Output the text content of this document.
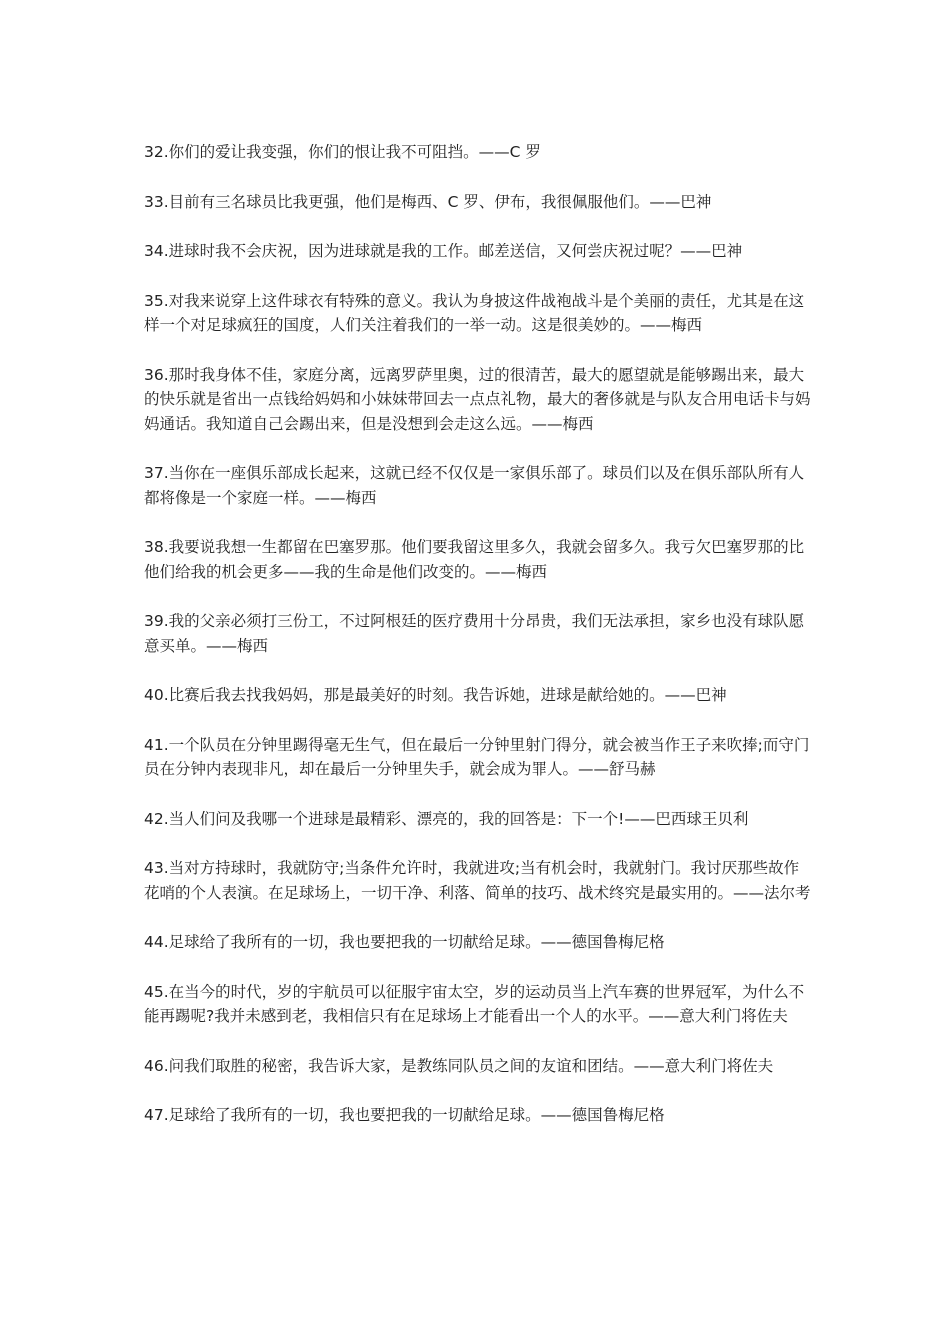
32.你们的爱让我变强，你们的恨让我不可阻挡。——C 罗

33.目前有三名球员比我更强，他们是梅西、C 罗、伊布，我很佩服他们。——巴神

34.进球时我不会庆祝，因为进球就是我的工作。邮差送信，又何尝庆祝过呢？——巴神

35.对我来说穿上这件球衣有特殊的意义。我认为身披这件战袍战斗是个美丽的责任，尤其是在这样一个对足球疯狂的国度，人们关注着我们的一举一动。这是很美妙的。——梅西

36.那时我身体不佳，家庭分离，远离罗萨里奥，过的很清苦，最大的愿望就是能够踢出来，最大的快乐就是省出一点钱给妈妈和小妹妹带回去一点点礼物，最大的奢侈就是与队友合用电话卡与妈妈通话。我知道自己会踢出来，但是没想到会走这么远。——梅西

37.当你在一座俱乐部成长起来，这就已经不仅仅是一家俱乐部了。球员们以及在俱乐部队所有人都将像是一个家庭一样。——梅西

38.我要说我想一生都留在巴塞罗那。他们要我留这里多久，我就会留多久。我亏欠巴塞罗那的比他们给我的机会更多——我的生命是他们改变的。——梅西

39.我的父亲必须打三份工，不过阿根廷的医疗费用十分昂贵，我们无法承担，家乡也没有球队愿意买单。——梅西

40.比赛后我去找我妈妈，那是最美好的时刻。我告诉她，进球是献给她的。——巴神

41.一个队员在分钟里踢得毫无生气，但在最后一分钟里射门得分，就会被当作王子来吹捧;而守门员在分钟内表现非凡，却在最后一分钟里失手，就会成为罪人。——舒马赫

42.当人们问及我哪一个进球是最精彩、漂亮的，我的回答是：下一个!——巴西球王贝利

43.当对方持球时，我就防守;当条件允许时，我就进攻;当有机会时，我就射门。我讨厌那些故作花哨的个人表演。在足球场上，一切干净、利落、简单的技巧、战术终究是最实用的。——法尔考

44.足球给了我所有的一切，我也要把我的一切献给足球。——德国鲁梅尼格

45.在当今的时代，岁的宇航员可以征服宇宙太空，岁的运动员当上汽车赛的世界冠军，为什么不能再踢呢?我并未感到老，我相信只有在足球场上才能看出一个人的水平。——意大利门将佐夫

46.问我们取胜的秘密，我告诉大家，是教练同队员之间的友谊和团结。——意大利门将佐夫

47.足球给了我所有的一切，我也要把我的一切献给足球。——德国鲁梅尼格
